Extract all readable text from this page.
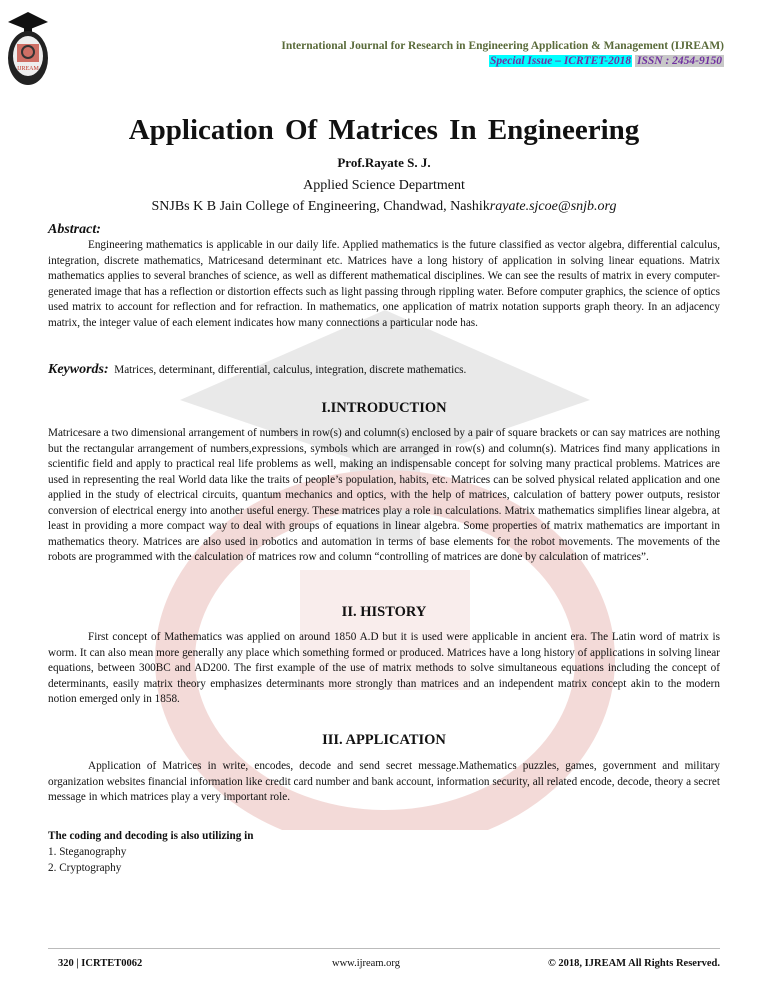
IJREAM
International Journal for Research in Engineering Application & Management (IJREAM)
Special Issue – ICRTET-2018 ISSN : 2454-9150
Application Of Matrices In Engineering
Prof.Rayate S. J.
Applied Science Department
SNJBs K B Jain College of Engineering, Chandwad, Nashikrayate.sjcoe@snjb.org
Abstract:
Engineering mathematics is applicable in our daily life. Applied mathematics is the future classified as vector algebra, differential calculus, integration, discrete mathematics, Matricesand determinant etc. Matrices have a long history of application in solving linear equations. Matrix mathematics applies to several branches of science, as well as different mathematical disciplines. We can see the results of matrix in every computer-generated image that has a reflection or distortion effects such as light passing through rippling water. Before computer graphics, the science of optics used matrix to account for reflection and for refraction. In mathematics, one application of matrix notation supports graph theory. In an adjacency matrix, the integer value of each element indicates how many connections a particular node has.
Keywords: Matrices, determinant, differential, calculus, integration, discrete mathematics.
I.INTRODUCTION
Matricesare a two dimensional arrangement of numbers in row(s) and column(s) enclosed by a pair of square brackets or can say matrices are nothing but the rectangular arrangement of numbers,expressions, symbols which are arranged in row(s) and column(s). Matrices find many applications in scientific field and apply to practical real life problems as well, making an indispensable concept for solving many practical problems. Matrices are used in representing the real World data like the traits of people’s population, habits, etc. Matrices can be solved physical related application and one applied in the study of electrical circuits, quantum mechanics and optics, with the help of matrices, calculation of battery power outputs, resistor conversion of electrical energy into another useful energy. These matrices play a role in calculations. Matrix mathematics simplifies linear algebra, at least in providing a more compact way to deal with groups of equations in linear algebra. Some properties of matrix mathematics are important in mathematics theory. Matrices are also used in robotics and automation in terms of base elements for the robot movements. The movements of the robots are programmed with the calculation of matrices row and column “controlling of matrices are done by calculation of matrices”.
II. HISTORY
First concept of Mathematics was applied on around 1850 A.D but it is used were applicable in ancient era. The Latin word of matrix is worm. It can also mean more generally any place which something formed or produced. Matrices have a long history of applications in solving linear equations, between 300BC and AD200. The first example of the use of matrix methods to solve simultaneous equations including the concept of determinants, easily matrix theory emphasizes determinants more strongly than matrices and an independent matrix concept akin to the modern notion emerged only in 1858.
III. APPLICATION
Application of Matrices in write, encodes, decode and send secret message.Mathematics puzzles, games, government and military organization websites financial information like credit card number and bank account, information security, all related encode, decode, theory a secret message in which matrices play a very important role.
The coding and decoding is also utilizing in
1. Steganography
2. Cryptography
320 | ICRTET0062	www.ijream.org	© 2018, IJREAM All Rights Reserved.
